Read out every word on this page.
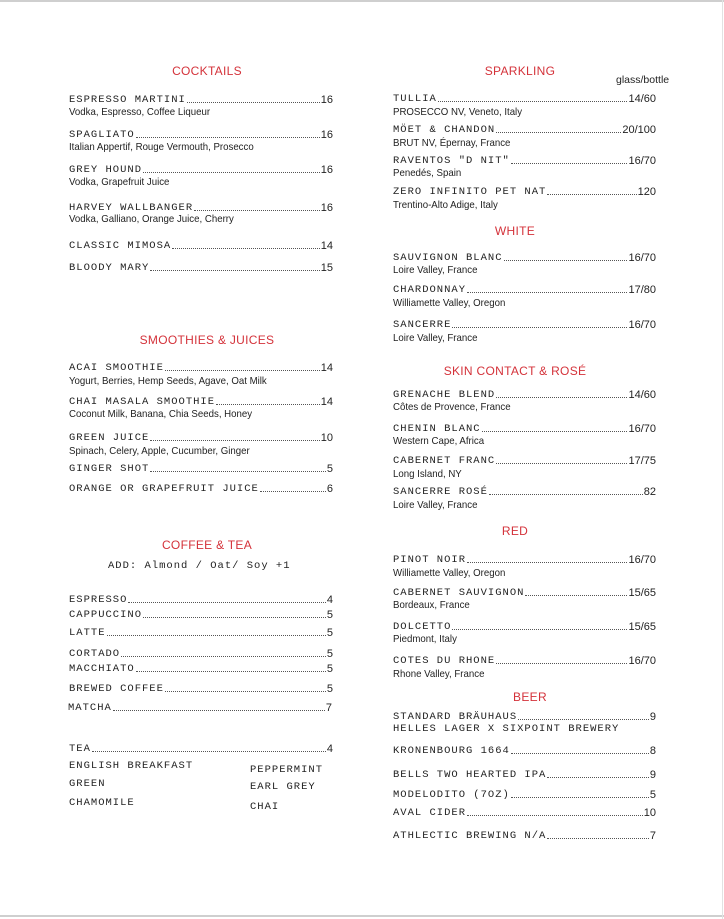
COCKTAILS
ESPRESSO MARTINI	16
Vodka, Espresso, Coffee Liqueur
SPAGLIATO	16
Italian Appertif, Rouge Vermouth, Prosecco
GREY HOUND	16
Vodka, Grapefruit Juice
HARVEY WALLBANGER	16
Vodka, Galliano, Orange Juice, Cherry
CLASSIC MIMOSA	14
BLOODY MARY	15
SMOOTHIES & JUICES
ACAI SMOOTHIE	14
Yogurt, Berries, Hemp Seeds, Agave, Oat Milk
CHAI MASALA SMOOTHIE	14
Coconut Milk, Banana, Chia Seeds, Honey
GREEN JUICE	10
Spinach, Celery, Apple, Cucumber, Ginger
GINGER SHOT	5
ORANGE OR GRAPEFRUIT JUICE	6
COFFEE & TEA
ADD: Almond / Oat/ Soy +1
ESPRESSO	4
CAPPUCCINO	5
LATTE	5
CORTADO	5
MACCHIATO	5
BREWED COFFEE	5
MATCHA	7
TEA	4
ENGLISH BREAKFAST
GREEN
CHAMOMILE
PEPPERMINT
EARL GREY
CHAI
SPARKLING
glass/bottle
TULLIA	14/60
PROSECCO NV, Veneto, Italy
MÖET & CHANDON	20/100
BRUT NV, Épernay, France
RAVENTOS "D NIT"	16/70
Penedés, Spain
ZERO INFINITO PET NAT	120
Trentino-Alto Adige, Italy
WHITE
SAUVIGNON BLANC	16/70
Loire Valley, France
CHARDONNAY	17/80
Williamette Valley, Oregon
SANCERRE	16/70
Loire Valley, France
SKIN CONTACT & ROSÉ
GRENACHE BLEND	14/60
Côtes de Provence, France
CHENIN BLANC	16/70
Western Cape, Africa
CABERNET FRANC	17/75
Long Island, NY
SANCERRE ROSÉ	82
Loire Valley, France
RED
PINOT NOIR	16/70
Williamette Valley, Oregon
CABERNET SAUVIGNON	15/65
Bordeaux, France
DOLCETTO	15/65
Piedmont, Italy
COTES DU RHONE	16/70
Rhone Valley, France
BEER
STANDARD BRÄUHAUS	9
HELLES LAGER X SIXPOINT BREWERY
KRONENBOURG 1664	8
BELLS TWO HEARTED IPA	9
MODELODITO (7OZ)	5
AVAL CIDER	10
ATHLECTIC BREWING N/A	7
